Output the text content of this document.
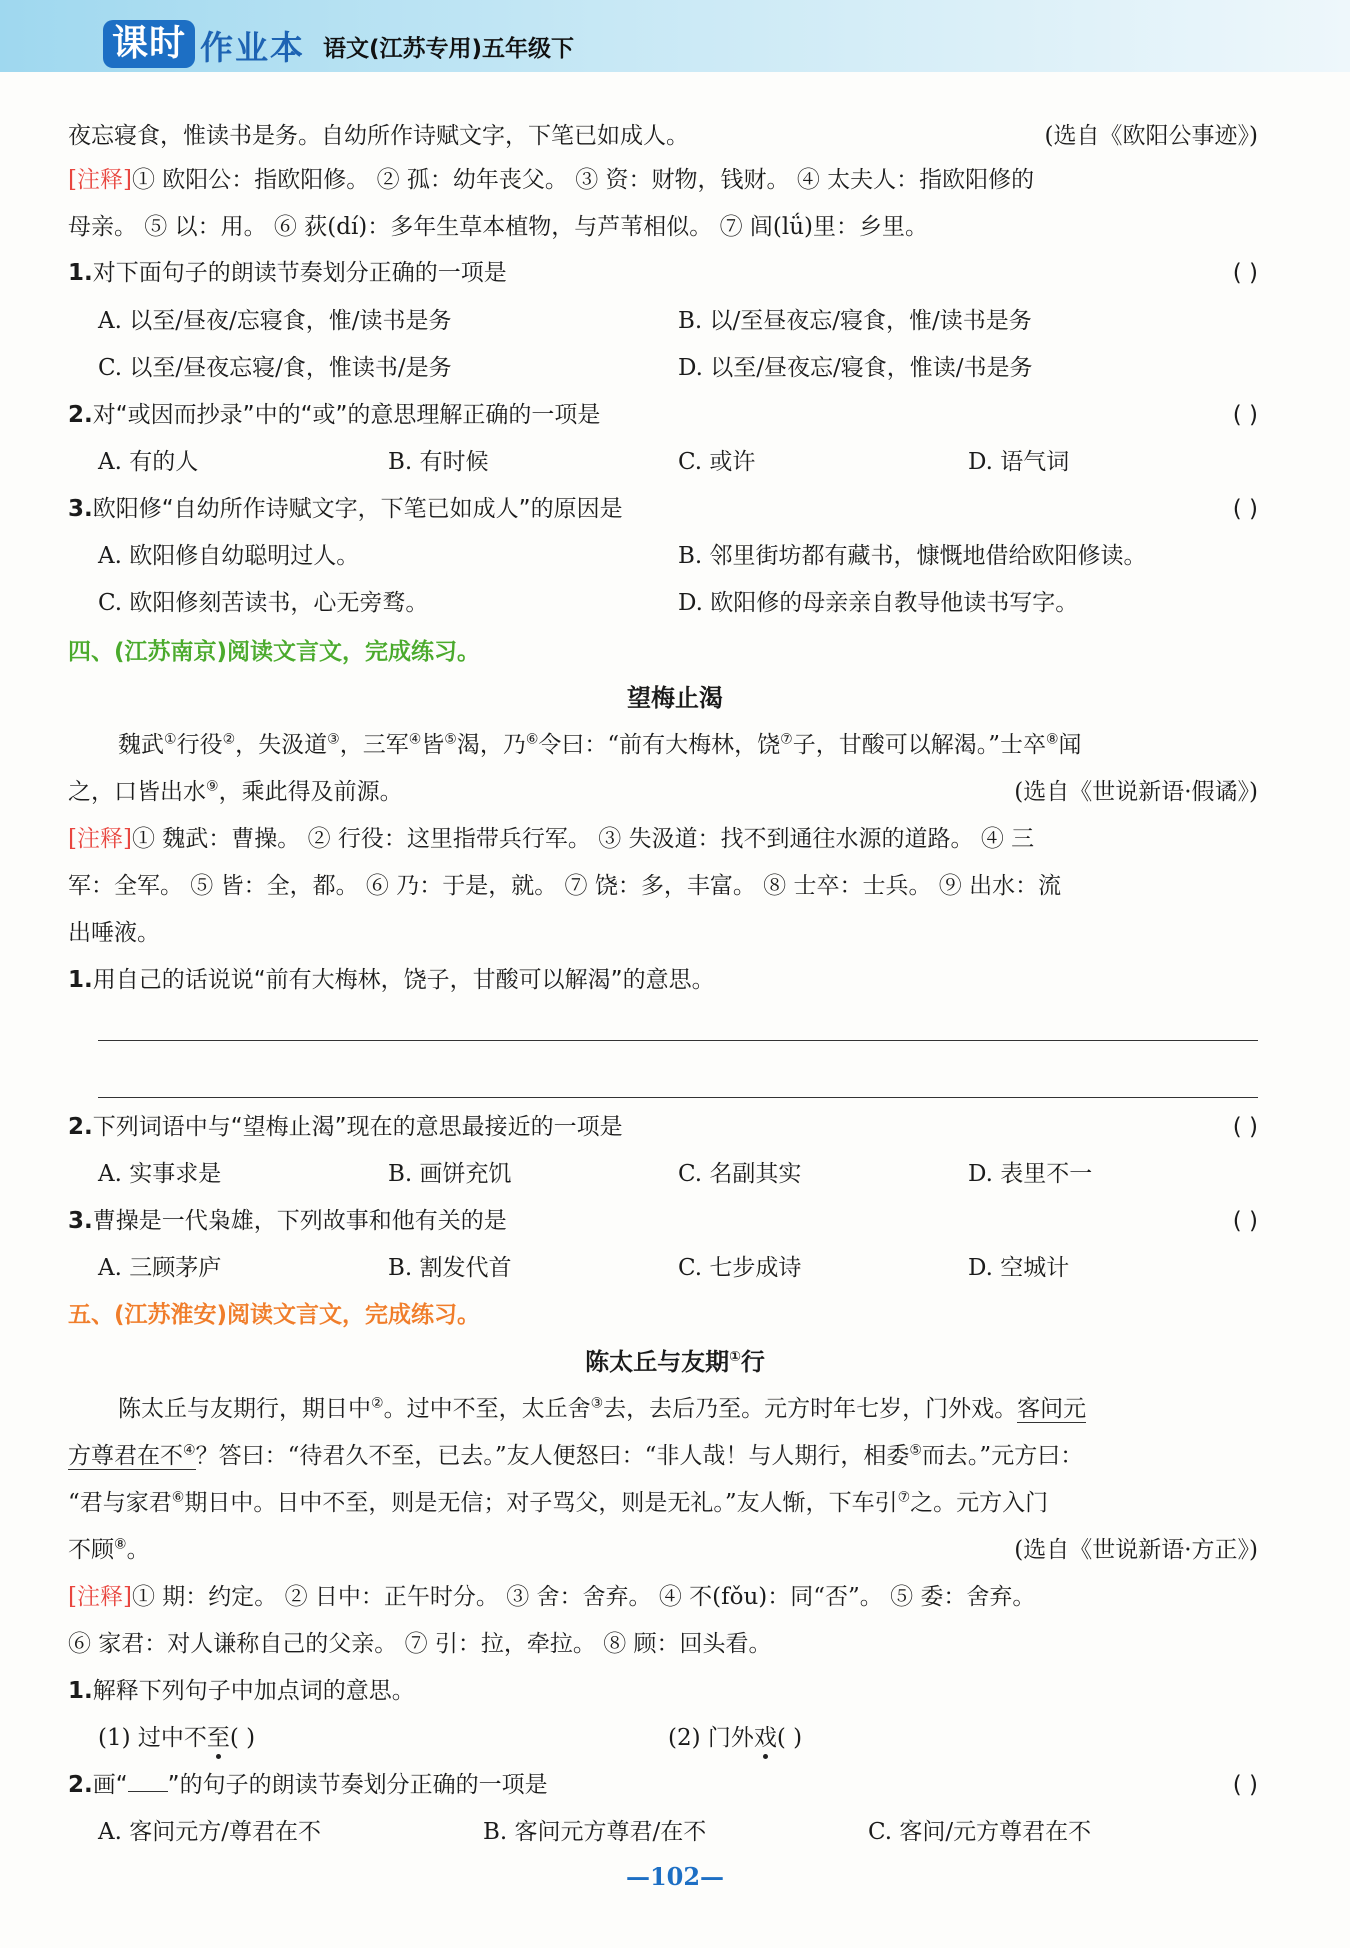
课时 作业本 语文(江苏专用)五年级下
夜忘寝食，惟读书是务。自幼所作诗赋文字，下笔已如成人。	(选自《欧阳公事迹》)
[注释]① 欧阳公：指欧阳修。 ② 孤：幼年丧父。 ③ 资：财物，钱财。 ④ 太夫人：指欧阳修的
母亲。 ⑤ 以：用。 ⑥ 荻(dí)：多年生草本植物，与芦苇相似。 ⑦ 闾(lǘ)里：乡里。
1.对下面句子的朗读节奏划分正确的一项是	( )
A. 以至/昼夜/忘寝食，惟/读书是务	B. 以/至昼夜忘/寝食，惟/读书是务
C. 以至/昼夜忘寝/食，惟读书/是务	D. 以至/昼夜忘/寝食，惟读/书是务
2.对“或因而抄录”中的“或”的意思理解正确的一项是	( )
A. 有的人	B. 有时候	C. 或许	D. 语气词
3.欧阳修“自幼所作诗赋文字，下笔已如成人”的原因是	( )
A. 欧阳修自幼聪明过人。	B. 邻里街坊都有藏书，慷慨地借给欧阳修读。
C. 欧阳修刻苦读书，心无旁骛。	D. 欧阳修的母亲亲自教导他读书写字。
四、(江苏南京)阅读文言文，完成练习。
望梅止渴
魏武①行役②，失汲道③，三军④皆⑤渴，乃⑥令曰：“前有大梅林，饶⑦子，甘酸可以解渴。”士卒⑧闻
之，口皆出水⑨，乘此得及前源。	(选自《世说新语·假谲》)
[注释]① 魏武：曹操。 ② 行役：这里指带兵行军。 ③ 失汲道：找不到通往水源的道路。 ④ 三
军：全军。 ⑤ 皆：全，都。 ⑥ 乃：于是，就。 ⑦ 饶：多，丰富。 ⑧ 士卒：士兵。 ⑨ 出水：流
出唾液。
1.用自己的话说说“前有大梅林，饶子，甘酸可以解渴”的意思。
2.下列词语中与“望梅止渴”现在的意思最接近的一项是	( )
A. 实事求是	B. 画饼充饥	C. 名副其实	D. 表里不一
3.曹操是一代枭雄，下列故事和他有关的是	( )
A. 三顾茅庐	B. 割发代首	C. 七步成诗	D. 空城计
五、(江苏淮安)阅读文言文，完成练习。
陈太丘与友期①行
陈太丘与友期行，期日中②。过中不至，太丘舍③去，去后乃至。元方时年七岁，门外戏。客问元
方尊君在不④？答曰：“待君久不至，已去。”友人便怒曰：“非人哉！与人期行，相委⑤而去。”元方曰：
“君与家君⑥期日中。日中不至，则是无信；对子骂父，则是无礼。”友人惭，下车引⑦之。元方入门
不顾⑧。	(选自《世说新语·方正》)
[注释]① 期：约定。 ② 日中：正午时分。 ③ 舍：舍弃。 ④ 不(fǒu)：同“否”。 ⑤ 委：舍弃。
⑥ 家君：对人谦称自己的父亲。 ⑦ 引：拉，牵拉。 ⑧ 顾：回头看。
1.解释下列句子中加点词的意思。
(1) 过中不至( )	(2) 门外戏( )
2.画“ ”的句子的朗读节奏划分正确的一项是	( )
A. 客问元方/尊君在不	B. 客问元方尊君/在不	C. 客问/元方尊君在不
—102—
